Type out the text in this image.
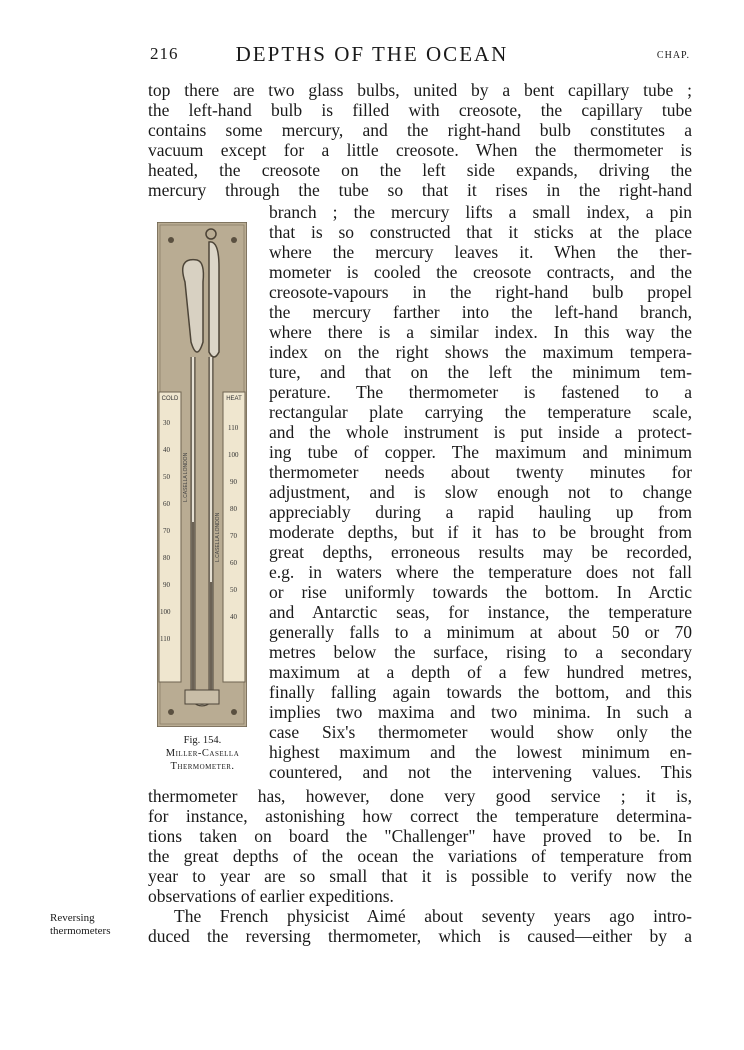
216	DEPTHS OF THE OCEAN	CHAP.
top there are two glass bulbs, united by a bent capillary tube ;
the left-hand bulb is filled with creosote, the capillary tube
contains some mercury, and the right-hand bulb constitutes a
vacuum except for a little creosote. When the thermometer is
heated, the creosote on the left side expands, driving the
mercury through the tube so that it rises in the right-hand
branch ; the mercury lifts a small index, a pin
that is so constructed that it sticks at the place
where the mercury leaves it. When the ther-
mometer is cooled the creosote contracts, and the
creosote-vapours in the right-hand bulb propel
the mercury farther into the left-hand branch,
where there is a similar index. In this way the
index on the right shows the maximum tempera-
ture, and that on the left the minimum tem-
perature. The thermometer is fastened to a
rectangular plate carrying the temperature scale,
and the whole instrument is put inside a protect-
ing tube of copper. The maximum and minimum
thermometer needs about twenty minutes for
adjustment, and is slow enough not to change
appreciably during a rapid hauling up from
moderate depths, but if it has to be brought from
great depths, erroneous results may be recorded,
e.g. in waters where the temperature does not fall
or rise uniformly towards the bottom. In Arctic
and Antarctic seas, for instance, the temperature
generally falls to a minimum at about 50 or 70
metres below the surface, rising to a secondary
maximum at a depth of a few hundred metres,
finally falling again towards the bottom, and this
implies two maxima and two minima. In such a
case Six's thermometer would show only the
highest maximum and the lowest minimum en-
countered, and not the intervening values. This
thermometer has, however, done very good service ; it is,
for instance, astonishing how correct the temperature determina-
tions taken on board the "Challenger" have proved to be. In
the great depths of the ocean the variations of temperature from
year to year are so small that it is possible to verify now the
observations of earlier expeditions.
The French physicist Aimé about seventy years ago intro-
duced the reversing thermometer, which is caused—either by a
Reversing
thermometers
COLD	HEAT
30
40
50
60
70
80
90
100
110
110
100
90
80
70
60
50
40
L.CASELLA LONDON
L.CASELLA LONDON
Fig. 154.
Miller-Casella
Thermometer.
